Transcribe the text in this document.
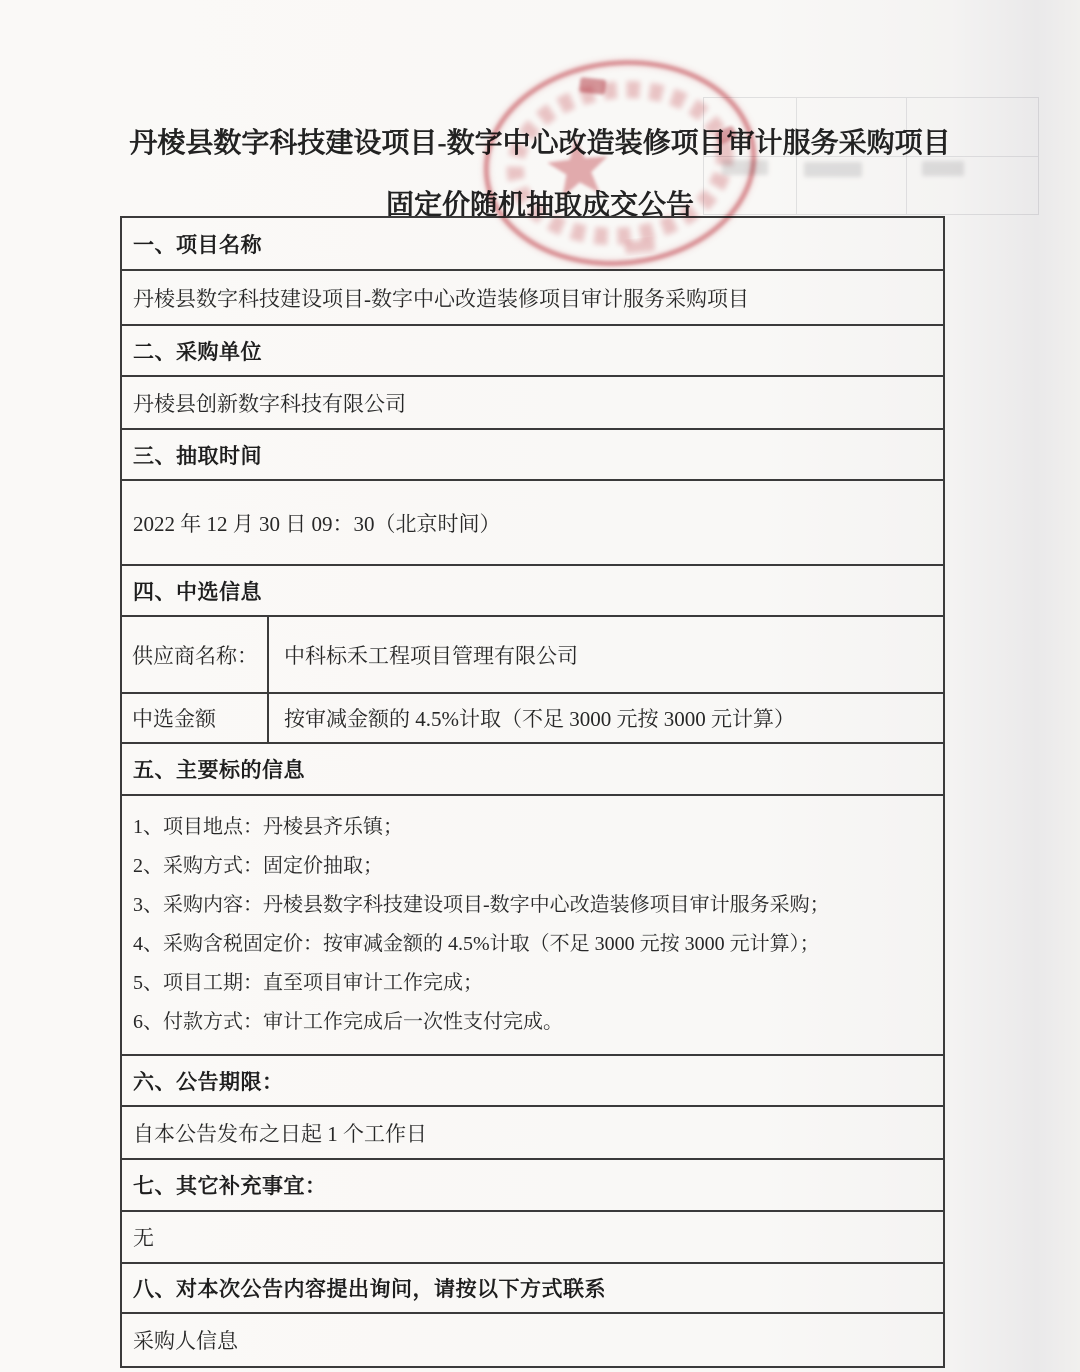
丹棱县数字科技建设项目-数字中心改造装修项目审计服务采购项目
固定价随机抽取成交公告
一、项目名称
丹棱县数字科技建设项目-数字中心改造装修项目审计服务采购项目
二、采购单位
丹棱县创新数字科技有限公司
三、抽取时间
2022 年 12 月 30 日 09：30（北京时间）
四、中选信息
供应商名称：	中科标禾工程项目管理有限公司
中选金额	按审减金额的 4.5%计取（不足 3000 元按 3000 元计算）
五、主要标的信息
1、项目地点：丹棱县齐乐镇；
2、采购方式：固定价抽取；
3、采购内容：丹棱县数字科技建设项目-数字中心改造装修项目审计服务采购；
4、采购含税固定价：按审减金额的 4.5%计取（不足 3000 元按 3000 元计算）；
5、项目工期：直至项目审计工作完成；
6、付款方式：审计工作完成后一次性支付完成。
六、公告期限：
自本公告发布之日起 1 个工作日
七、其它补充事宜：
无
八、对本次公告内容提出询问，请按以下方式联系
采购人信息
